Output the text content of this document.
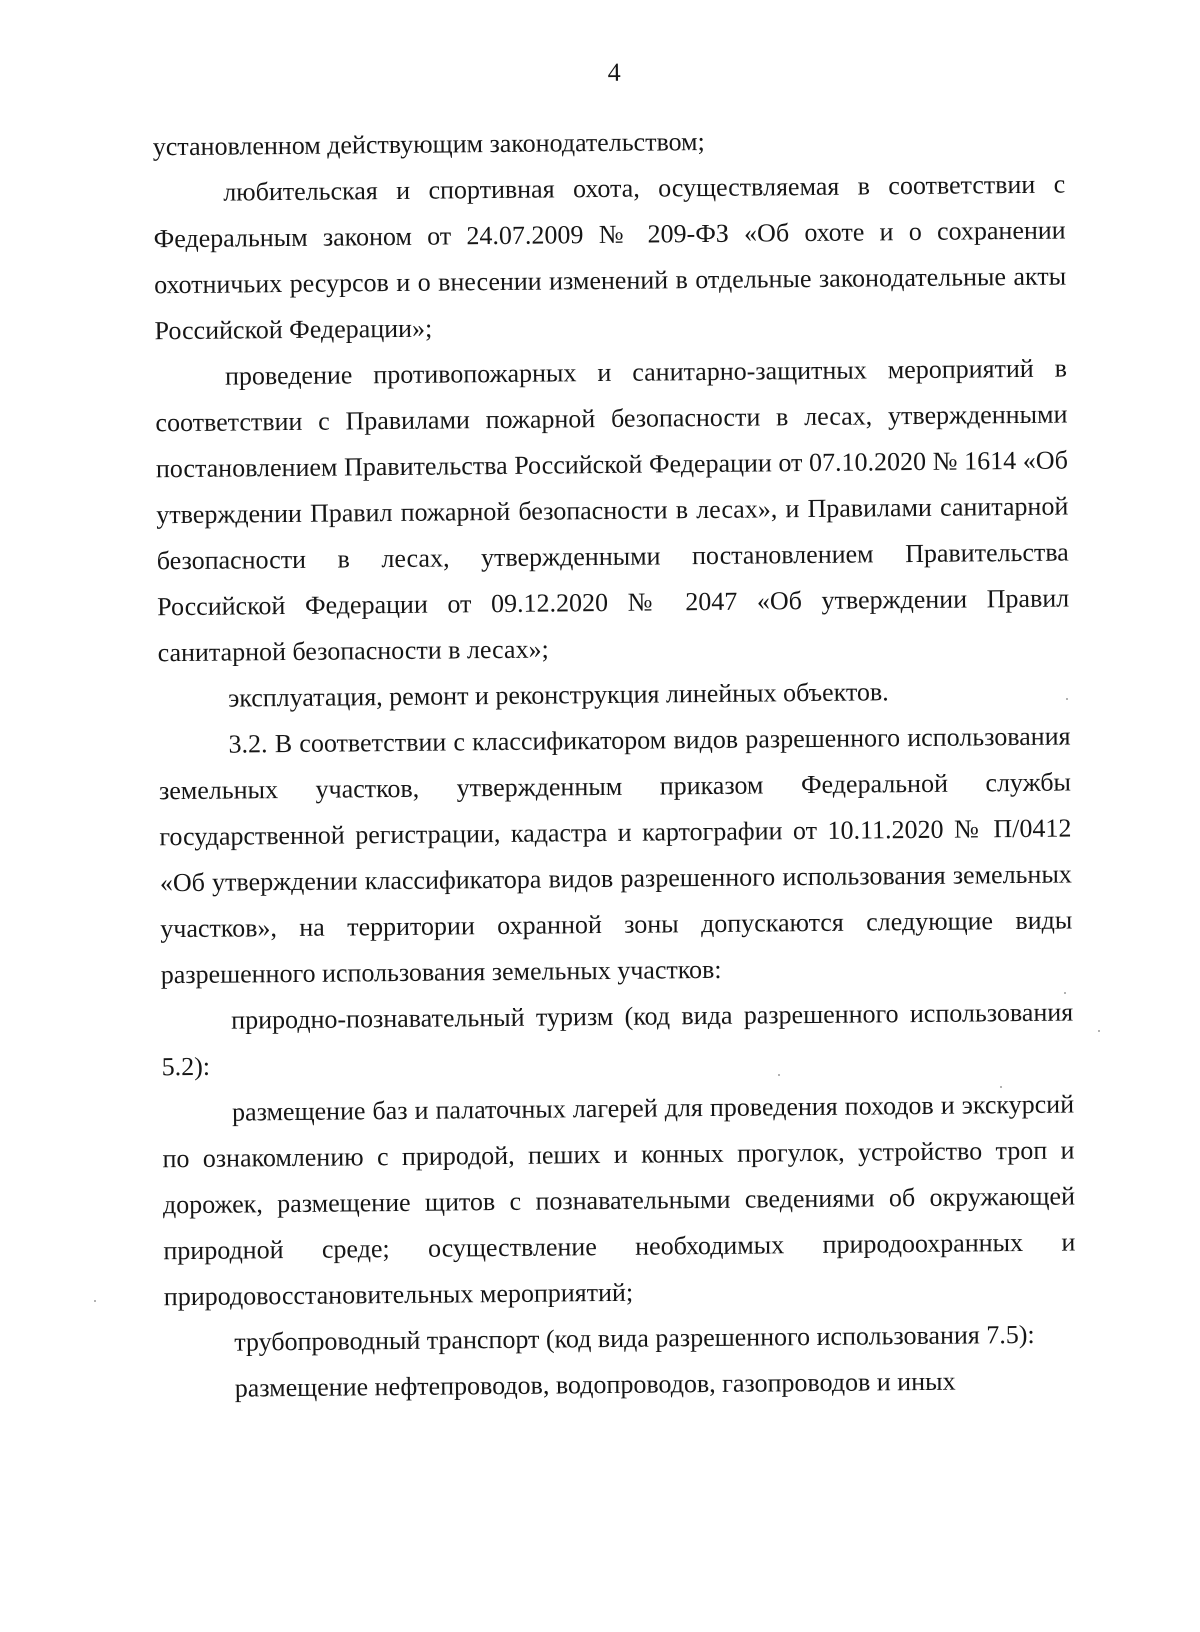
4

установленном действующим законодательством;

любительская и спортивная охота, осуществляемая в соответствии с Федеральным законом от 24.07.2009 № 209-ФЗ «Об охоте и о сохранении охотничьих ресурсов и о внесении изменений в отдельные законодательные акты Российской Федерации»;

проведение противопожарных и санитарно-защитных мероприятий в соответствии с Правилами пожарной безопасности в лесах, утвержденными постановлением Правительства Российской Федерации от 07.10.2020 № 1614 «Об утверждении Правил пожарной безопасности в лесах», и Правилами санитарной безопасности в лесах, утвержденными постановлением Правительства Российской Федерации от 09.12.2020 № 2047 «Об утверждении Правил санитарной безопасности в лесах»;

эксплуатация, ремонт и реконструкция линейных объектов.

3.2. В соответствии с классификатором видов разрешенного использования земельных участков, утвержденным приказом Федеральной службы государственной регистрации, кадастра и картографии от 10.11.2020 № П/0412 «Об утверждении классификатора видов разрешенного использования земельных участков», на территории охранной зоны допускаются следующие виды разрешенного использования земельных участков:

природно-познавательный туризм (код вида разрешенного использования 5.2):

размещение баз и палаточных лагерей для проведения походов и экскурсий по ознакомлению с природой, пеших и конных прогулок, устройство троп и дорожек, размещение щитов с познавательными сведениями об окружающей природной среде; осуществление необходимых природоохранных и природовосстановительных мероприятий;

трубопроводный транспорт (код вида разрешенного использования 7.5):

размещение нефтепроводов, водопроводов, газопроводов и иных
